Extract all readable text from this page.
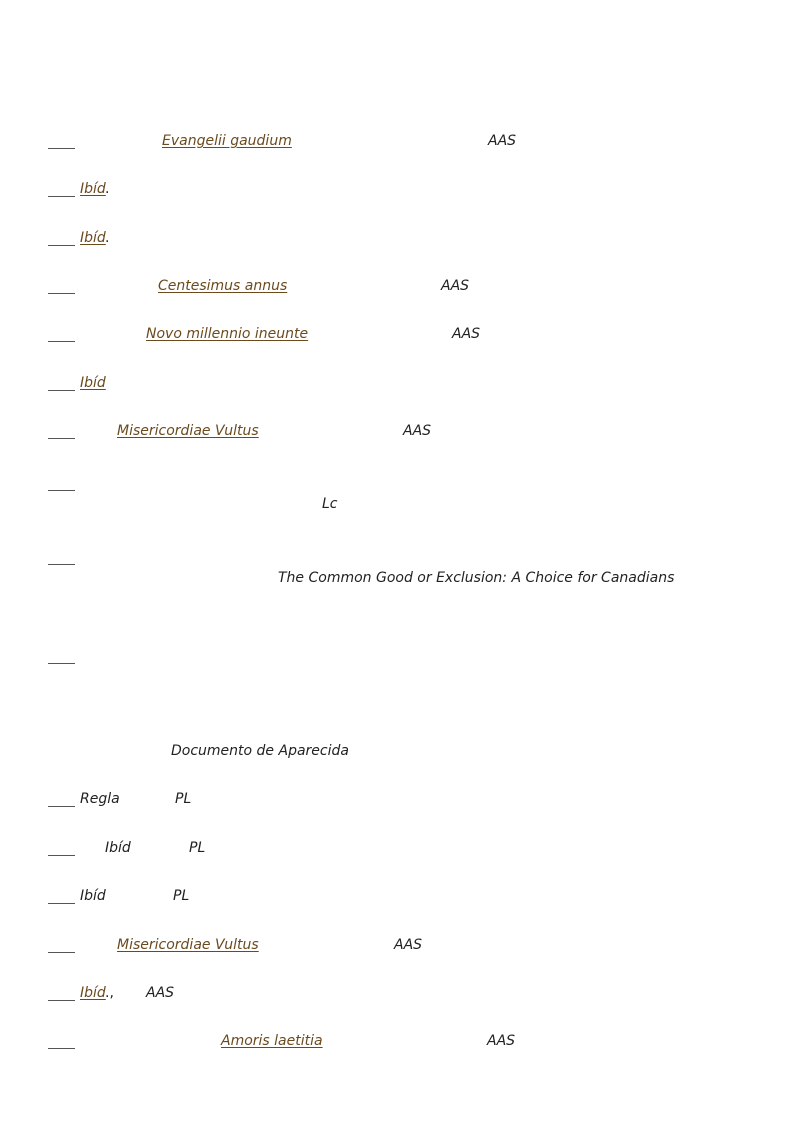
Evangelii gaudium	AAS
Ibíd .
Ibíd .
Centesimus annus	AAS
Novo millennio ineunte	AAS
Ibíd
Misericordiae Vultus	AAS
Lc
The Common Good or Exclusion: A Choice for Canadians
Documento de Aparecida
Regla	PL
Ibíd	PL
Ibíd	PL
Misericordiae Vultus	AAS
Ibíd ., AAS
Amoris laetitia	AAS
